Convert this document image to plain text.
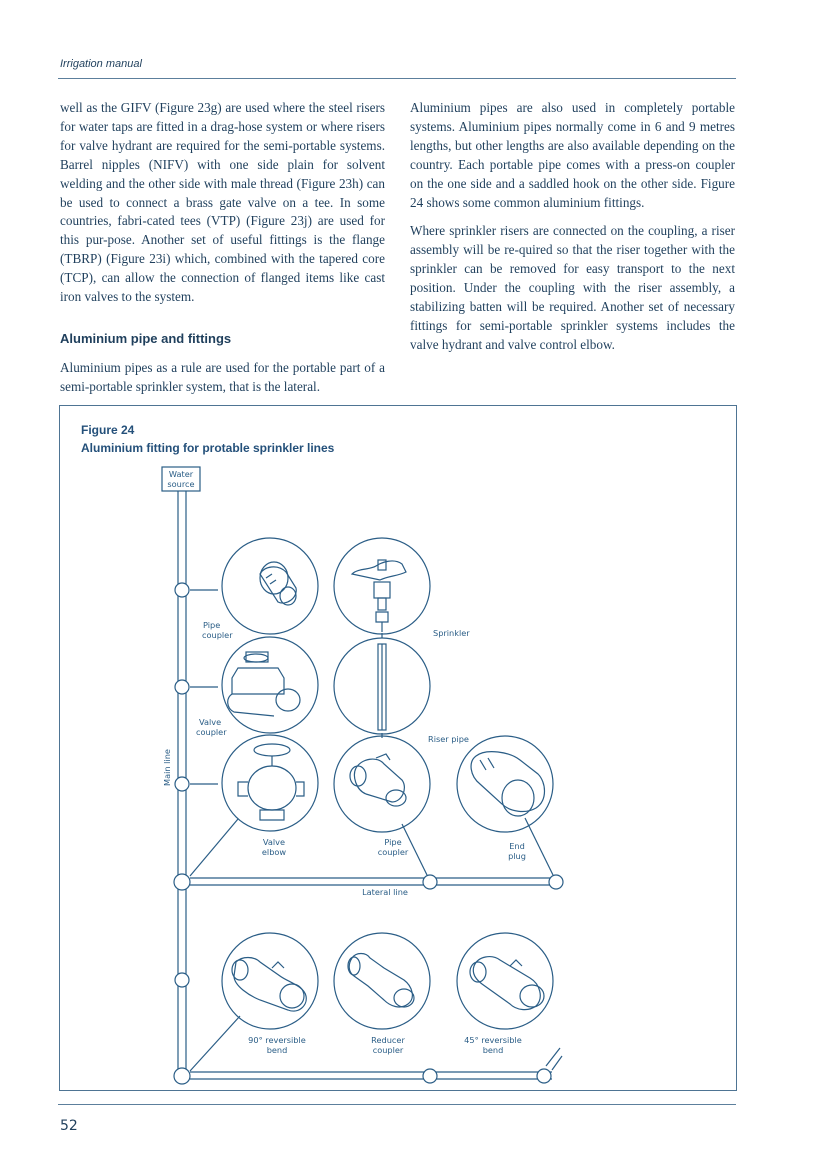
Irrigation manual

well as the GIFV (Figure 23g) are used where the steel risers for water taps are fitted in a drag-hose system or where risers for valve hydrant are required for the semi-portable systems. Barrel nipples (NIFV) with one side plain for solvent welding and the other side with male thread (Figure 23h) can be used to connect a brass gate valve on a tee. In some countries, fabri-cated tees (VTP) (Figure 23j) are used for this pur-pose. Another set of useful fittings is the flange (TBRP) (Figure 23i) which, combined with the tapered core (TCP), can allow the connection of flanged items like cast iron valves to the system.

Aluminium pipe and fittings

Aluminium pipes as a rule are used for the portable part of a semi-portable sprinkler system, that is the lateral.

Aluminium pipes are also used in completely portable systems. Aluminium pipes normally come in 6 and 9 metres lengths, but other lengths are also available depending on the country. Each portable pipe comes with a press-on coupler on the one side and a saddled hook on the other side. Figure 24 shows some common aluminium fittings.

Where sprinkler risers are connected on the coupling, a riser assembly will be re-quired so that the riser together with the sprinkler can be removed for easy transport to the next position. Under the coupling with the riser assembly, a stabilizing batten will be required. Another set of necessary fittings for semi-portable sprinkler systems includes the valve hydrant and valve control elbow.

Figure 24
Aluminium fitting for protable sprinkler lines
Water
source
Pipe
coupler	Sprinkler
Valve
coupler
Riser pipe
Main line
Valve
elbow
Pipe
coupler
End
plug
Lateral line
90° reversible
bend
Reducer
coupler
45° reversible
bend
52
